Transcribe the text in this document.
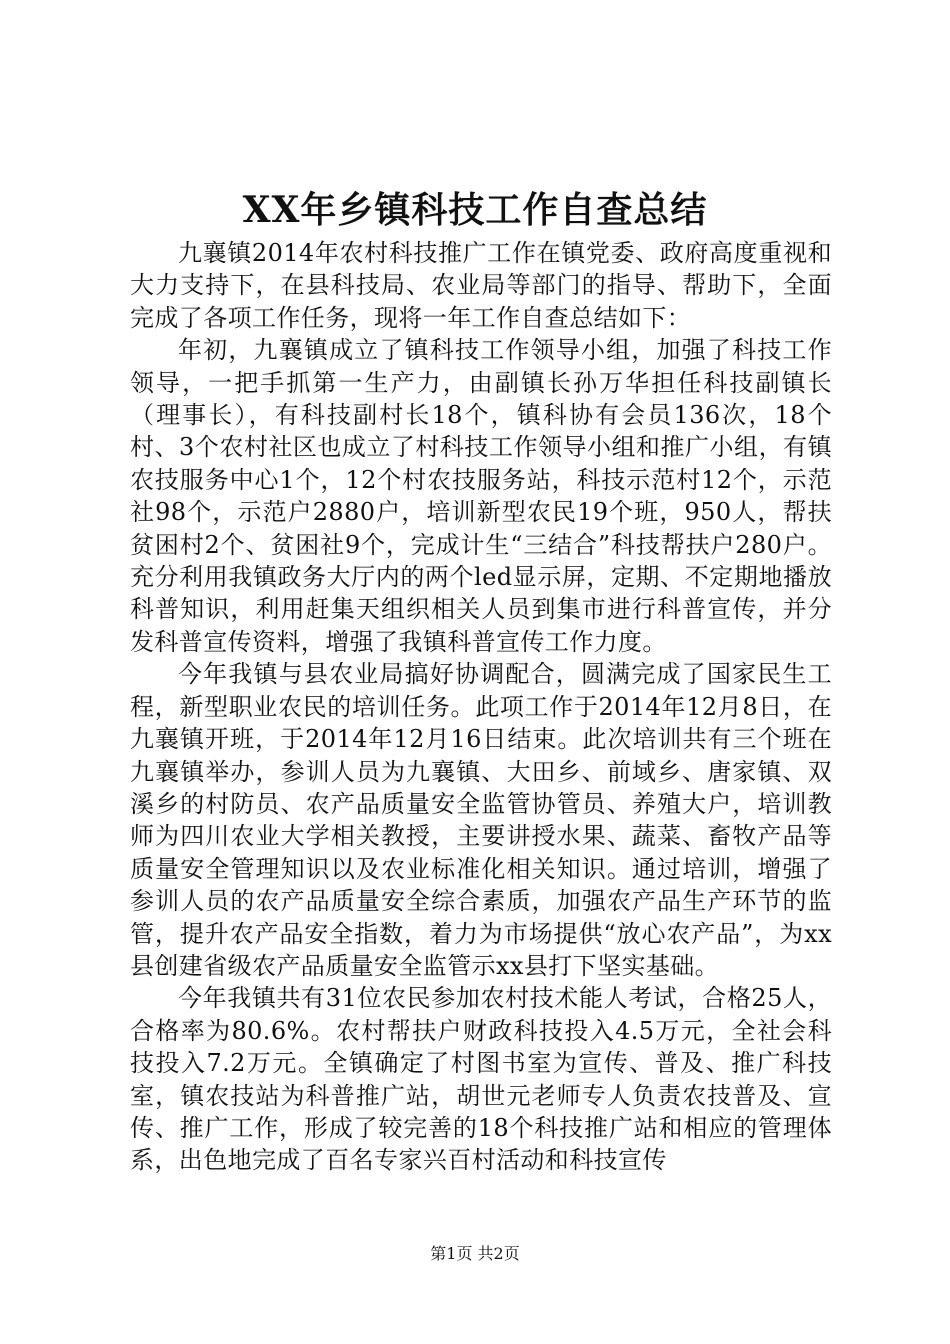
XX年乡镇科技工作自查总结

九襄镇2014年农村科技推广工作在镇党委、政府高度重视和大力支持下，在县科技局、农业局等部门的指导、帮助下，全面完成了各项工作任务，现将一年工作自查总结如下：

年初，九襄镇成立了镇科技工作领导小组，加强了科技工作领导，一把手抓第一生产力，由副镇长孙万华担任科技副镇长（理事长），有科技副村长18个，镇科协有会员136次，18个村、3个农村社区也成立了村科技工作领导小组和推广小组，有镇农技服务中心1个，12个村农技服务站，科技示范村12个，示范社98个，示范户2880户，培训新型农民19个班，950人，帮扶贫困村2个、贫困社9个，完成计生“三结合”科技帮扶户280户。充分利用我镇政务大厅内的两个led显示屏，定期、不定期地播放科普知识，利用赶集天组织相关人员到集市进行科普宣传，并分发科普宣传资料，增强了我镇科普宣传工作力度。

今年我镇与县农业局搞好协调配合，圆满完成了国家民生工程，新型职业农民的培训任务。此项工作于2014年12月8日，在九襄镇开班，于2014年12月16日结束。此次培训共有三个班在九襄镇举办，参训人员为九襄镇、大田乡、前域乡、唐家镇、双溪乡的村防员、农产品质量安全监管协管员、养殖大户，培训教师为四川农业大学相关教授，主要讲授水果、蔬菜、畜牧产品等质量安全管理知识以及农业标准化相关知识。通过培训，增强了参训人员的农产品质量安全综合素质，加强农产品生产环节的监管，提升农产品安全指数，着力为市场提供“放心农产品”，为xx县创建省级农产品质量安全监管示xx县打下坚实基础。

今年我镇共有31位农民参加农村技术能人考试，合格25人，合格率为80.6%。农村帮扶户财政科技投入4.5万元，全社会科技投入7.2万元。全镇确定了村图书室为宣传、普及、推广科技室，镇农技站为科普推广站，胡世元老师专人负责农技普及、宣传、推广工作，形成了较完善的18个科技推广站和相应的管理体系，出色地完成了百名专家兴百村活动和科技宣传

第1页 共2页
